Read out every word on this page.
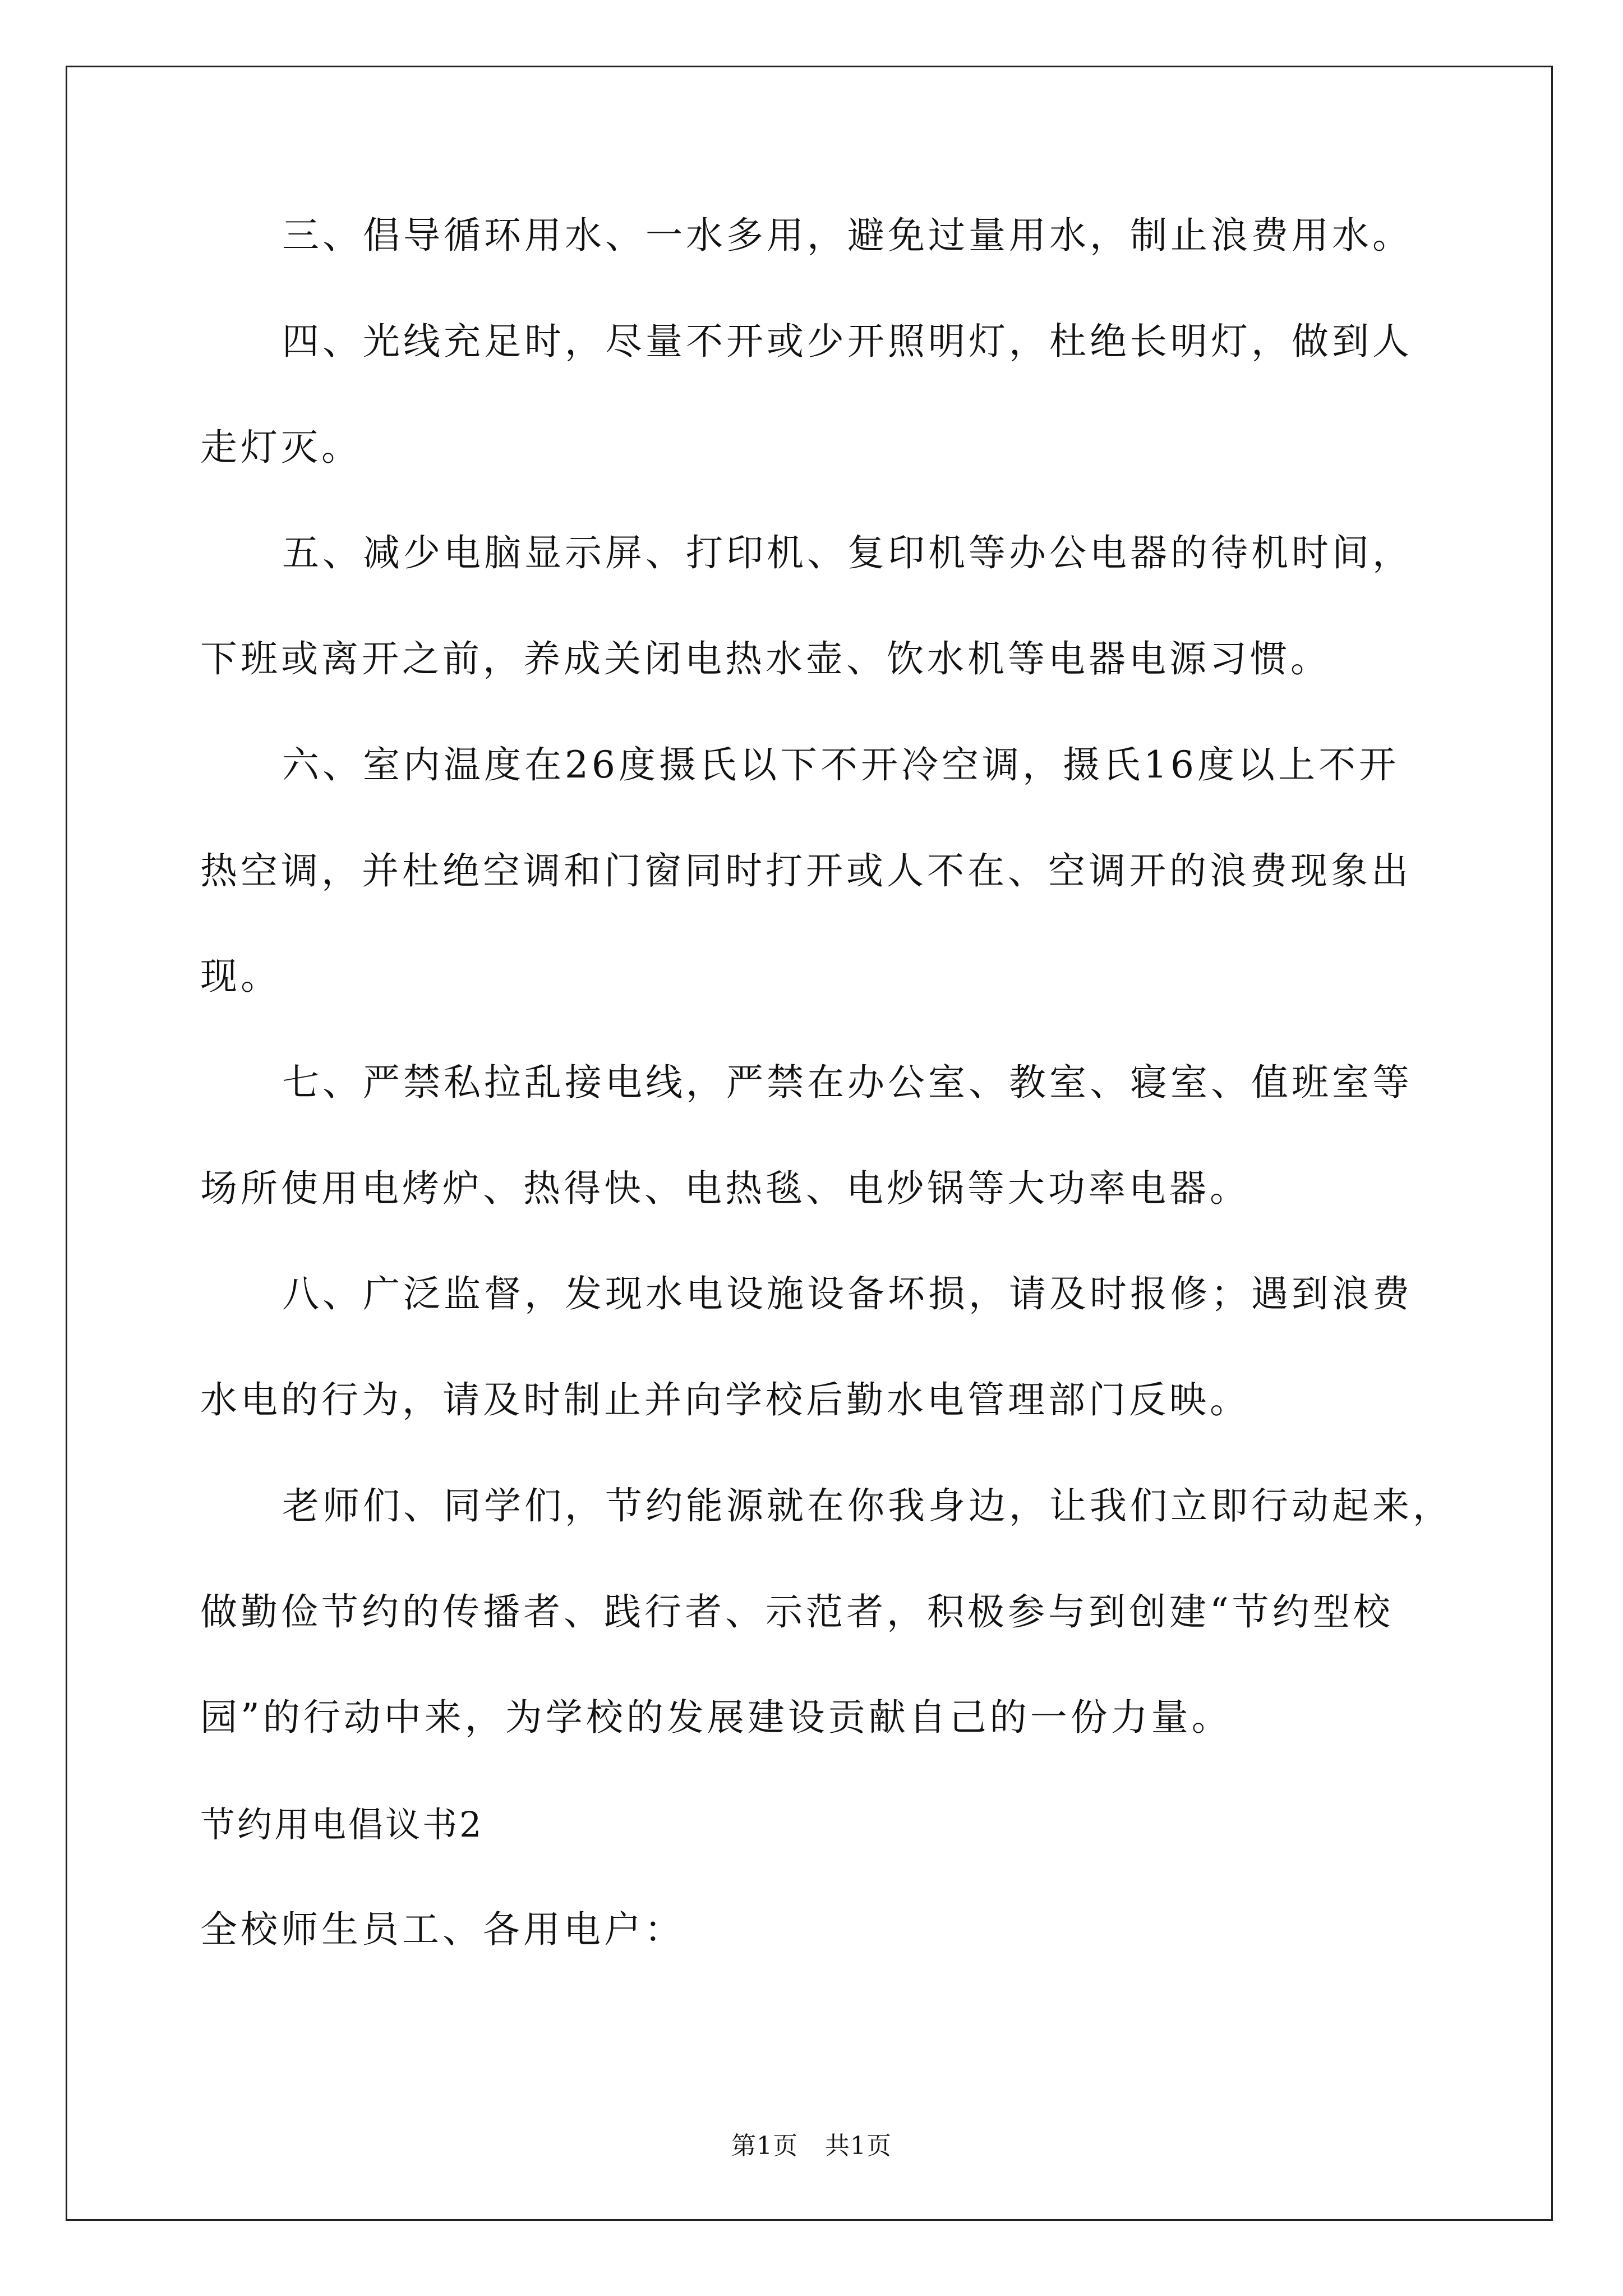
三、倡导循环用水、一水多用，避免过量用水，制止浪费用水。
四、光线充足时，尽量不开或少开照明灯，杜绝长明灯，做到人
走灯灭。
五、减少电脑显示屏、打印机、复印机等办公电器的待机时间，
下班或离开之前，养成关闭电热水壶、饮水机等电器电源习惯。
六、室内温度在26度摄氏以下不开冷空调，摄氏16度以上不开
热空调，并杜绝空调和门窗同时打开或人不在、空调开的浪费现象出
现。
七、严禁私拉乱接电线，严禁在办公室、教室、寝室、值班室等
场所使用电烤炉、热得快、电热毯、电炒锅等大功率电器。
八、广泛监督，发现水电设施设备坏损，请及时报修；遇到浪费
水电的行为，请及时制止并向学校后勤水电管理部门反映。
老师们、同学们，节约能源就在你我身边，让我们立即行动起来，
做勤俭节约的传播者、践行者、示范者，积极参与到创建“节约型校
园”的行动中来，为学校的发展建设贡献自己的一份力量。
节约用电倡议书2
全校师生员工、各用电户：
第1页 共1页
